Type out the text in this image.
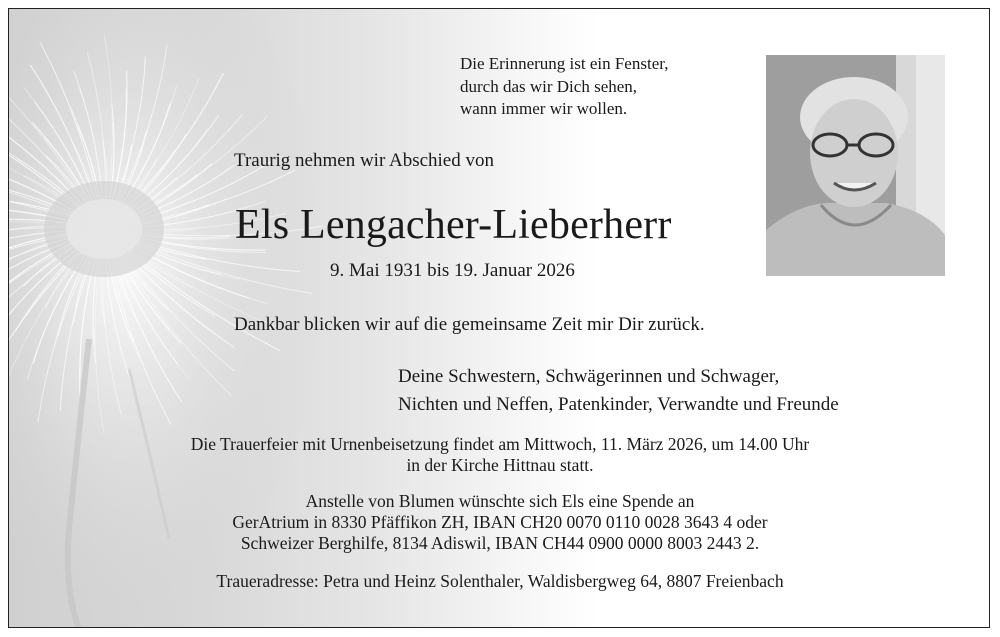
Die Erinnerung ist ein Fenster,
durch das wir Dich sehen,
wann immer wir wollen.
Traurig nehmen wir Abschied von
Els Lengacher-Lieberherr
9. Mai 1931 bis 19. Januar 2026
Dankbar blicken wir auf die gemeinsame Zeit mir Dir zurück.
Deine Schwestern, Schwägerinnen und Schwager,
Nichten und Neffen, Patenkinder, Verwandte und Freunde
Die Trauerfeier mit Urnenbeisetzung findet am Mittwoch, 11. März 2026, um 14.00 Uhr
in der Kirche Hittnau statt.
Anstelle von Blumen wünschte sich Els eine Spende an
GerAtrium in 8330 Pfäffikon ZH, IBAN CH20 0070 0110 0028 3643 4 oder
Schweizer Berghilfe, 8134 Adiswil, IBAN CH44 0900 0000 8003 2443 2.
Traueradresse: Petra und Heinz Solenthaler, Waldisbergweg 64, 8807 Freienbach
